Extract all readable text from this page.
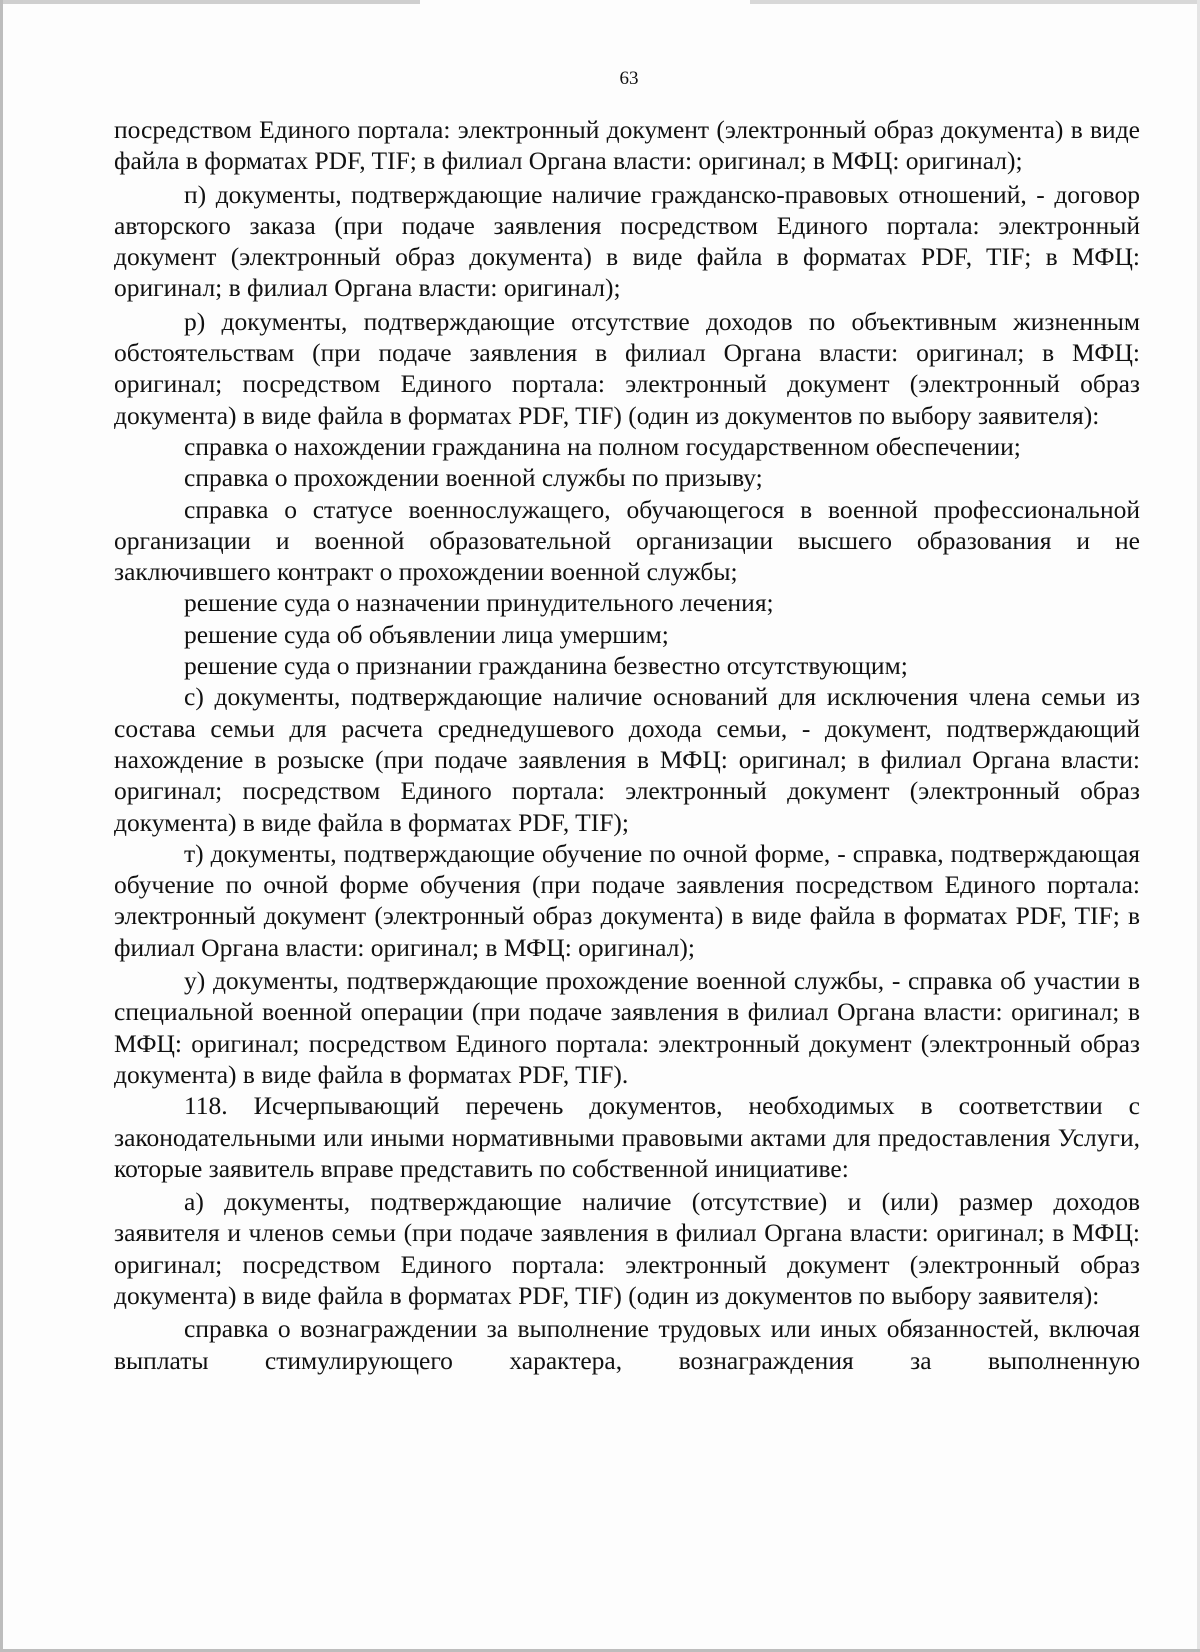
63

посредством Единого портала: электронный документ (электронный образ документа) в виде файла в форматах PDF, TIF; в филиал Органа власти: оригинал; в МФЦ: оригинал);

п) документы, подтверждающие наличие гражданско-правовых отношений, - договор авторского заказа (при подаче заявления посредством Единого портала: электронный документ (электронный образ документа) в виде файла в форматах PDF, TIF; в МФЦ: оригинал; в филиал Органа власти: оригинал);

р) документы, подтверждающие отсутствие доходов по объективным жизненным обстоятельствам (при подаче заявления в филиал Органа власти: оригинал; в МФЦ: оригинал; посредством Единого портала: электронный документ (электронный образ документа) в виде файла в форматах PDF, TIF) (один из документов по выбору заявителя):

справка о нахождении гражданина на полном государственном обеспечении;

справка о прохождении военной службы по призыву;

справка о статусе военнослужащего, обучающегося в военной профессиональной организации и военной образовательной организации высшего образования и не заключившего контракт о прохождении военной службы;

решение суда о назначении принудительного лечения;

решение суда об объявлении лица умершим;

решение суда о признании гражданина безвестно отсутствующим;

с) документы, подтверждающие наличие оснований для исключения члена семьи из состава семьи для расчета среднедушевого дохода семьи, - документ, подтверждающий нахождение в розыске (при подаче заявления в МФЦ: оригинал; в филиал Органа власти: оригинал; посредством Единого портала: электронный документ (электронный образ документа) в виде файла в форматах PDF, TIF);

т) документы, подтверждающие обучение по очной форме, - справка, подтверждающая обучение по очной форме обучения (при подаче заявления посредством Единого портала: электронный документ (электронный образ документа) в виде файла в форматах PDF, TIF; в филиал Органа власти: оригинал; в МФЦ: оригинал);

у) документы, подтверждающие прохождение военной службы, - справка об участии в специальной военной операции (при подаче заявления в филиал Органа власти: оригинал; в МФЦ: оригинал; посредством Единого портала: электронный документ (электронный образ документа) в виде файла в форматах PDF, TIF).

118. Исчерпывающий перечень документов, необходимых в соответствии с законодательными или иными нормативными правовыми актами для предоставления Услуги, которые заявитель вправе представить по собственной инициативе:

а) документы, подтверждающие наличие (отсутствие) и (или) размер доходов заявителя и членов семьи (при подаче заявления в филиал Органа власти: оригинал; в МФЦ: оригинал; посредством Единого портала: электронный документ (электронный образ документа) в виде файла в форматах PDF, TIF) (один из документов по выбору заявителя):

справка о вознаграждении за выполнение трудовых или иных обязанностей, включая выплаты стимулирующего характера, вознаграждения за выполненную
